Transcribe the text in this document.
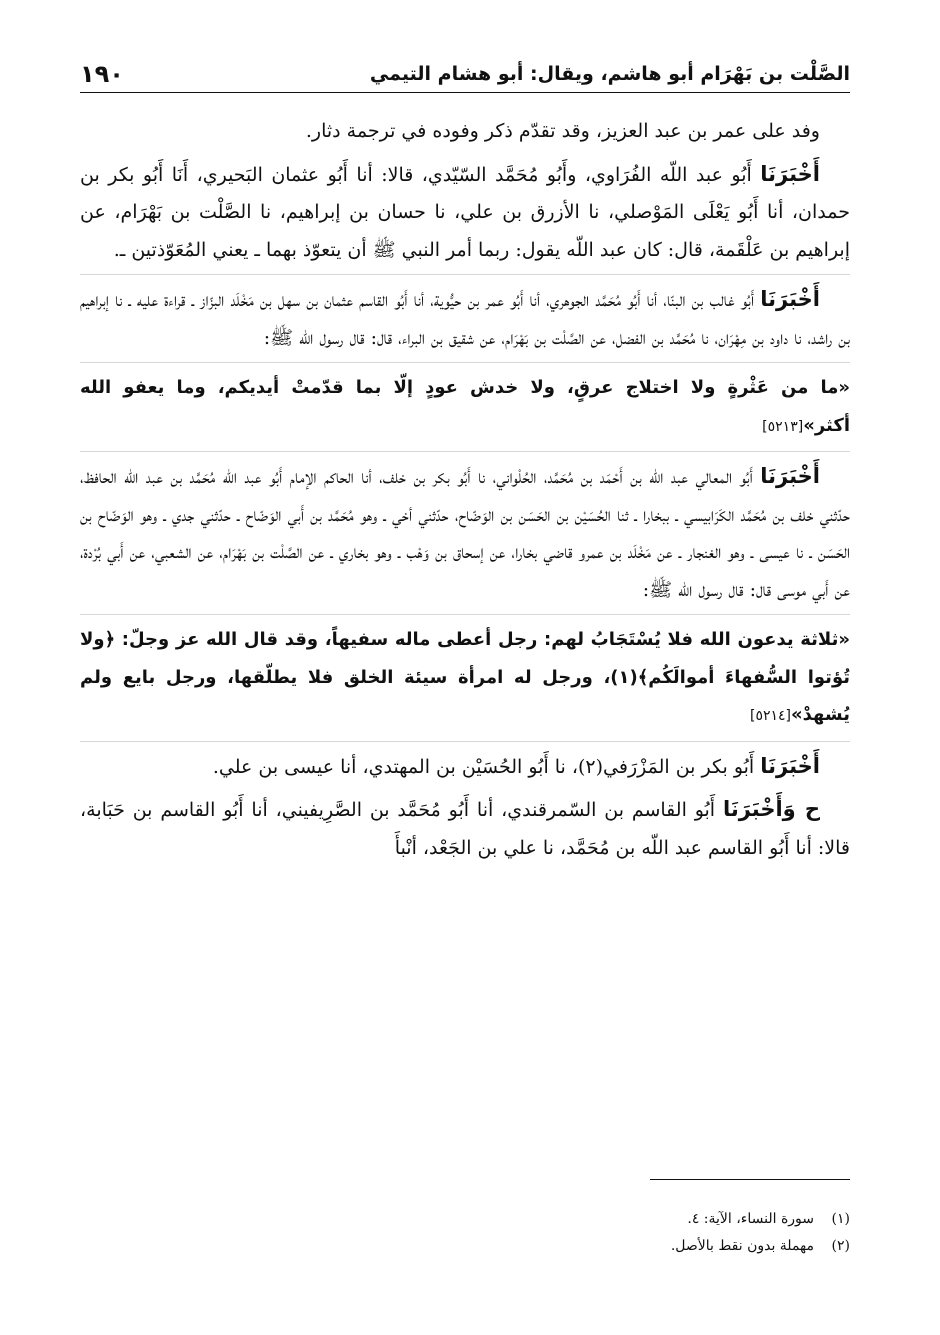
الصَّلْت بن بَهْرَام أبو هاشم، ويقال: أبو هشام التيمي
١٩٠

وفد على عمر بن عبد العزيز، وقد تقدّم ذكر وفوده في ترجمة دثار.

أَخْبَرَنَا أَبُو عبد اللّه الفُرَاوي، وأَبُو مُحَمَّد السّيّدي، قالا: أنا أَبُو عثمان البَحيري، أَنَا أَبُو بكر بن حمدان، أنا أَبُو يَعْلَى المَوْصلي، نا الأزرق بن علي، نا حسان بن إبراهيم، نا الصَّلْت بن بَهْرَام، عن إبراهيم بن عَلْقَمة، قال: كان عبد اللّه يقول: ربما أمر النبي ﷺ أن يتعوّذ بهما ـ يعني المُعَوّذتين ـ.

أَخْبَرَنَا أَبُو غالب بن البنّا، أنا أَبُو مُحَمَّد الجوهري، أنا أَبُو عمر بن حيُّوية، أنا أَبُو القاسم عثمان بن سهل بن مَخْلَد البزّاز ـ قراءة عليه ـ نا إبراهيم بن راشد، نا داود بن مِهْرَان، نا مُحَمَّد بن الفضل، عن الصَّلْت بن بَهْرَام، عن شقيق بن البراء، قال: قال رسول الله ﷺ:

«ما من عَثْرةٍ ولا اختلاج عرقٍ، ولا خدش عودٍ إلّا بما قدّمتْ أيديكم، وما يعفو الله أكثر»[٥٢١٣]

أَخْبَرَنَا أَبُو المعالي عبد الله بن أَحْمَد بن مُحَمَّد، الحُلْواني، نا أَبُو بكر بن خلف، أنا الحاكم الإمام أَبُو عبد اللّه مُحَمَّد بن عبد اللّه الحافظ، حدّثني خلف بن مُحَمَّد الكَرَابيسي ـ ببخارا ـ ثنا الحُسَيْن بن الحَسَن بن الوَضّاح، حدّثني أخي ـ وهو مُحَمَّد بن أَبي الوَضّاح ـ حدّثني جدي ـ وهو الوَضّاح بن الحَسَن ـ نا عيسى ـ وهو الغنجار ـ عن مَخْلَد بن عمرو قاضي بخارا، عن إسحاق بن وَهْب ـ وهو بخاري ـ عن الصَّلْت بن بَهْرَام، عن الشعبي، عن أَبي بُرْدة، عن أَبي موسى قال: قال رسول الله ﷺ:

«ثلاثة يدعون الله فلا يُسْتَجَابُ لهم: رجل أعطى ماله سفيهاً، وقد قال الله عز وجلّ: ﴿ولا تُؤتوا السُّفهاءَ أموالَكُم﴾(١)، ورجل له امرأة سيئة الخلق فلا يطلّقها، ورجل بايع ولم يُشهدْ»[٥٢١٤]

أَخْبَرَنَا أَبُو بكر بن المَزْرَفي(٢)، نا أَبُو الحُسَيْن بن المهتدي، أنا عيسى بن علي.

ح وَأَخْبَرَنَا أَبُو القاسم بن السّمرقندي، أنا أَبُو مُحَمَّد بن الصَّرِيفيني، أنا أَبُو القاسم بن حَبَابة، قالا: أنا أَبُو القاسم عبد اللّه بن مُحَمَّد، نا علي بن الجَعْد، أنْبأَ

(١)
سورة النساء، الآية: ٤.
(٢)
مهملة بدون نقط بالأصل.
